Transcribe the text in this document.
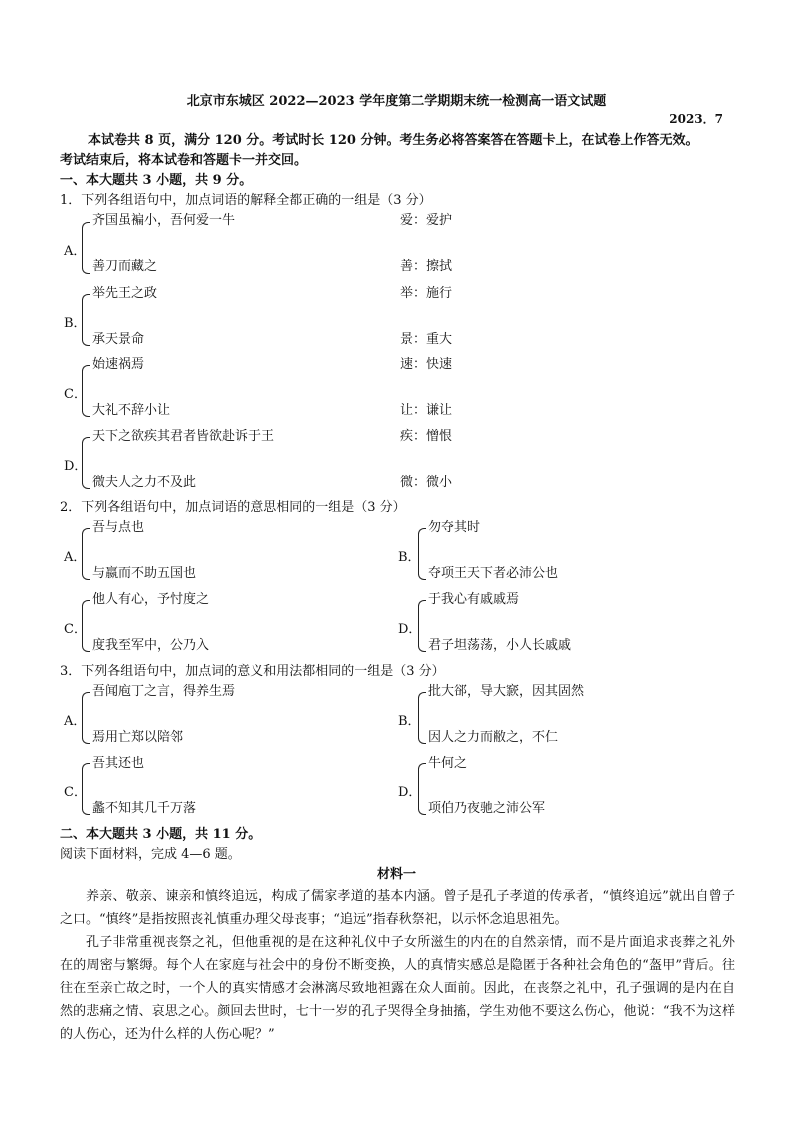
北京市东城区 2022—2023 学年度第二学期期末统一检测高一语文试题
2023．7
本试卷共 8 页，满分 120 分。考试时长 120 分钟。考生务必将答案答在答题卡上，在试卷上作答无效。
考试结束后，将本试卷和答题卡一并交回。
一、本大题共 3 小题，共 9 分。
1．下列各组语句中，加点词语的解释全都正确的一组是（3 分）
A．
齐国虽褊小，吾何爱一牛	爱：爱护
善刀而藏之	善：擦拭
B．
举先王之政	举：施行
承天景命	景：重大
C．
始速祸焉	速：快速
大礼不辞小让	让：谦让
D．
天下之欲疾其君者皆欲赴诉于王	疾：憎恨
微夫人之力不及此	微：微小
2．下列各组语句中，加点词语的意思相同的一组是（3 分）
A．
吾与点也
与嬴而不助五国也
B．
勿夺其时
夺项王天下者必沛公也
C．
他人有心，予忖度之
度我至军中，公乃入
D．
于我心有戚戚焉
君子坦荡荡，小人长戚戚
3．下列各组语句中，加点词的意义和用法都相同的一组是（3 分）
A．
吾闻庖丁之言，得养生焉
焉用亡郑以陪邻
B．
批大郤，导大窾，因其固然
因人之力而敝之，不仁
C．
吾其还也
蠡不知其几千万落
D．
牛何之
项伯乃夜驰之沛公军
二、本大题共 3 小题，共 11 分。
阅读下面材料，完成 4—6 题。
材料一
养亲、敬亲、谏亲和慎终追远，构成了儒家孝道的基本内涵。曾子是孔子孝道的传承者，“慎终追远”就出自曾子之口。“慎终”是指按照丧礼慎重办理父母丧事；“追远”指春秋祭祀，以示怀念追思祖先。
孔子非常重视丧祭之礼，但他重视的是在这种礼仪中子女所滋生的内在的自然亲情，而不是片面追求丧葬之礼外在的周密与繁缛。每个人在家庭与社会中的身份不断变换，人的真情实感总是隐匿于各种社会角色的“盔甲”背后。往往在至亲亡故之时，一个人的真实情感才会淋漓尽致地袒露在众人面前。因此，在丧祭之礼中，孔子强调的是内在自然的悲痛之情、哀思之心。颜回去世时，七十一岁的孔子哭得全身抽搐，学生劝他不要这么伤心，他说：“我不为这样的人伤心，还为什么样的人伤心呢？”
